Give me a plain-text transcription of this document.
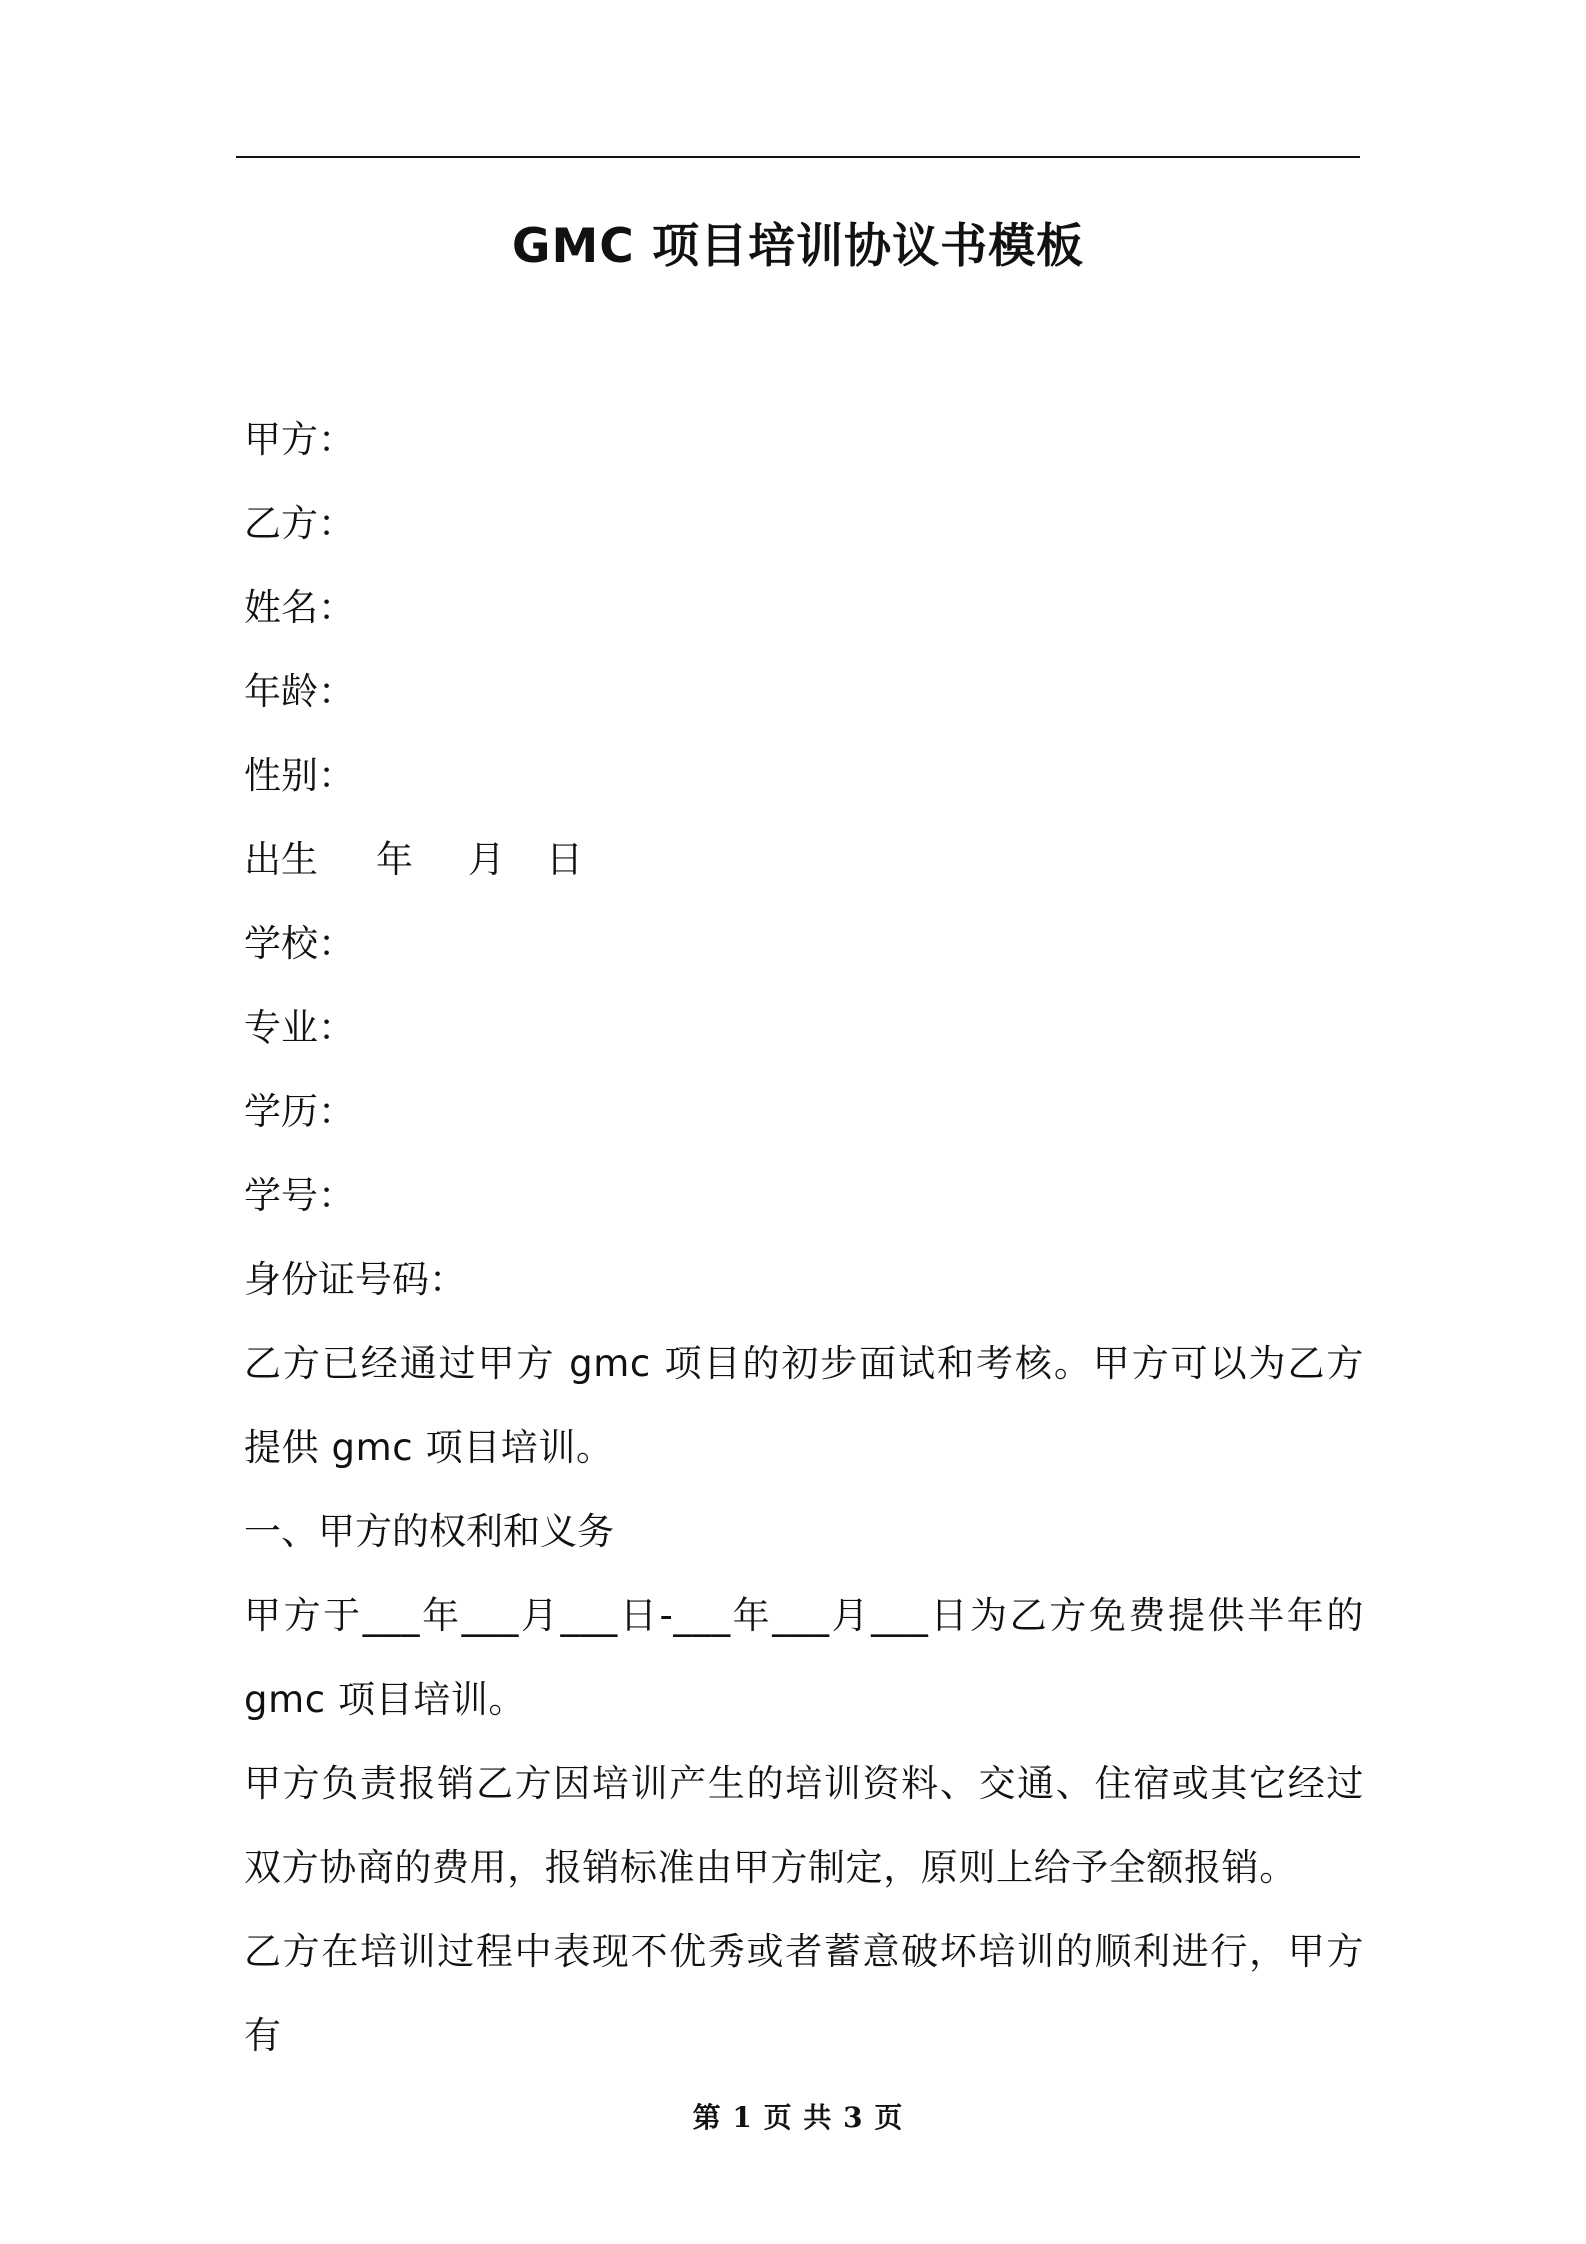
GMC 项目培训协议书模板

甲方：

乙方：

姓名：

年龄：

性别：

出生 年 月 日

学校：

专业：

学历：

学号：

身份证号码：

乙方已经通过甲方 gmc 项目的初步面试和考核。甲方可以为乙方提供 gmc 项目培训。

一、甲方的权利和义务

甲方于___年___月___日-___年___月___日为乙方免费提供半年的 gmc 项目培训。

甲方负责报销乙方因培训产生的培训资料、交通、住宿或其它经过双方协商的费用，报销标准由甲方制定，原则上给予全额报销。

乙方在培训过程中表现不优秀或者蓄意破坏培训的顺利进行，甲方有

第 1 页 共 3 页
